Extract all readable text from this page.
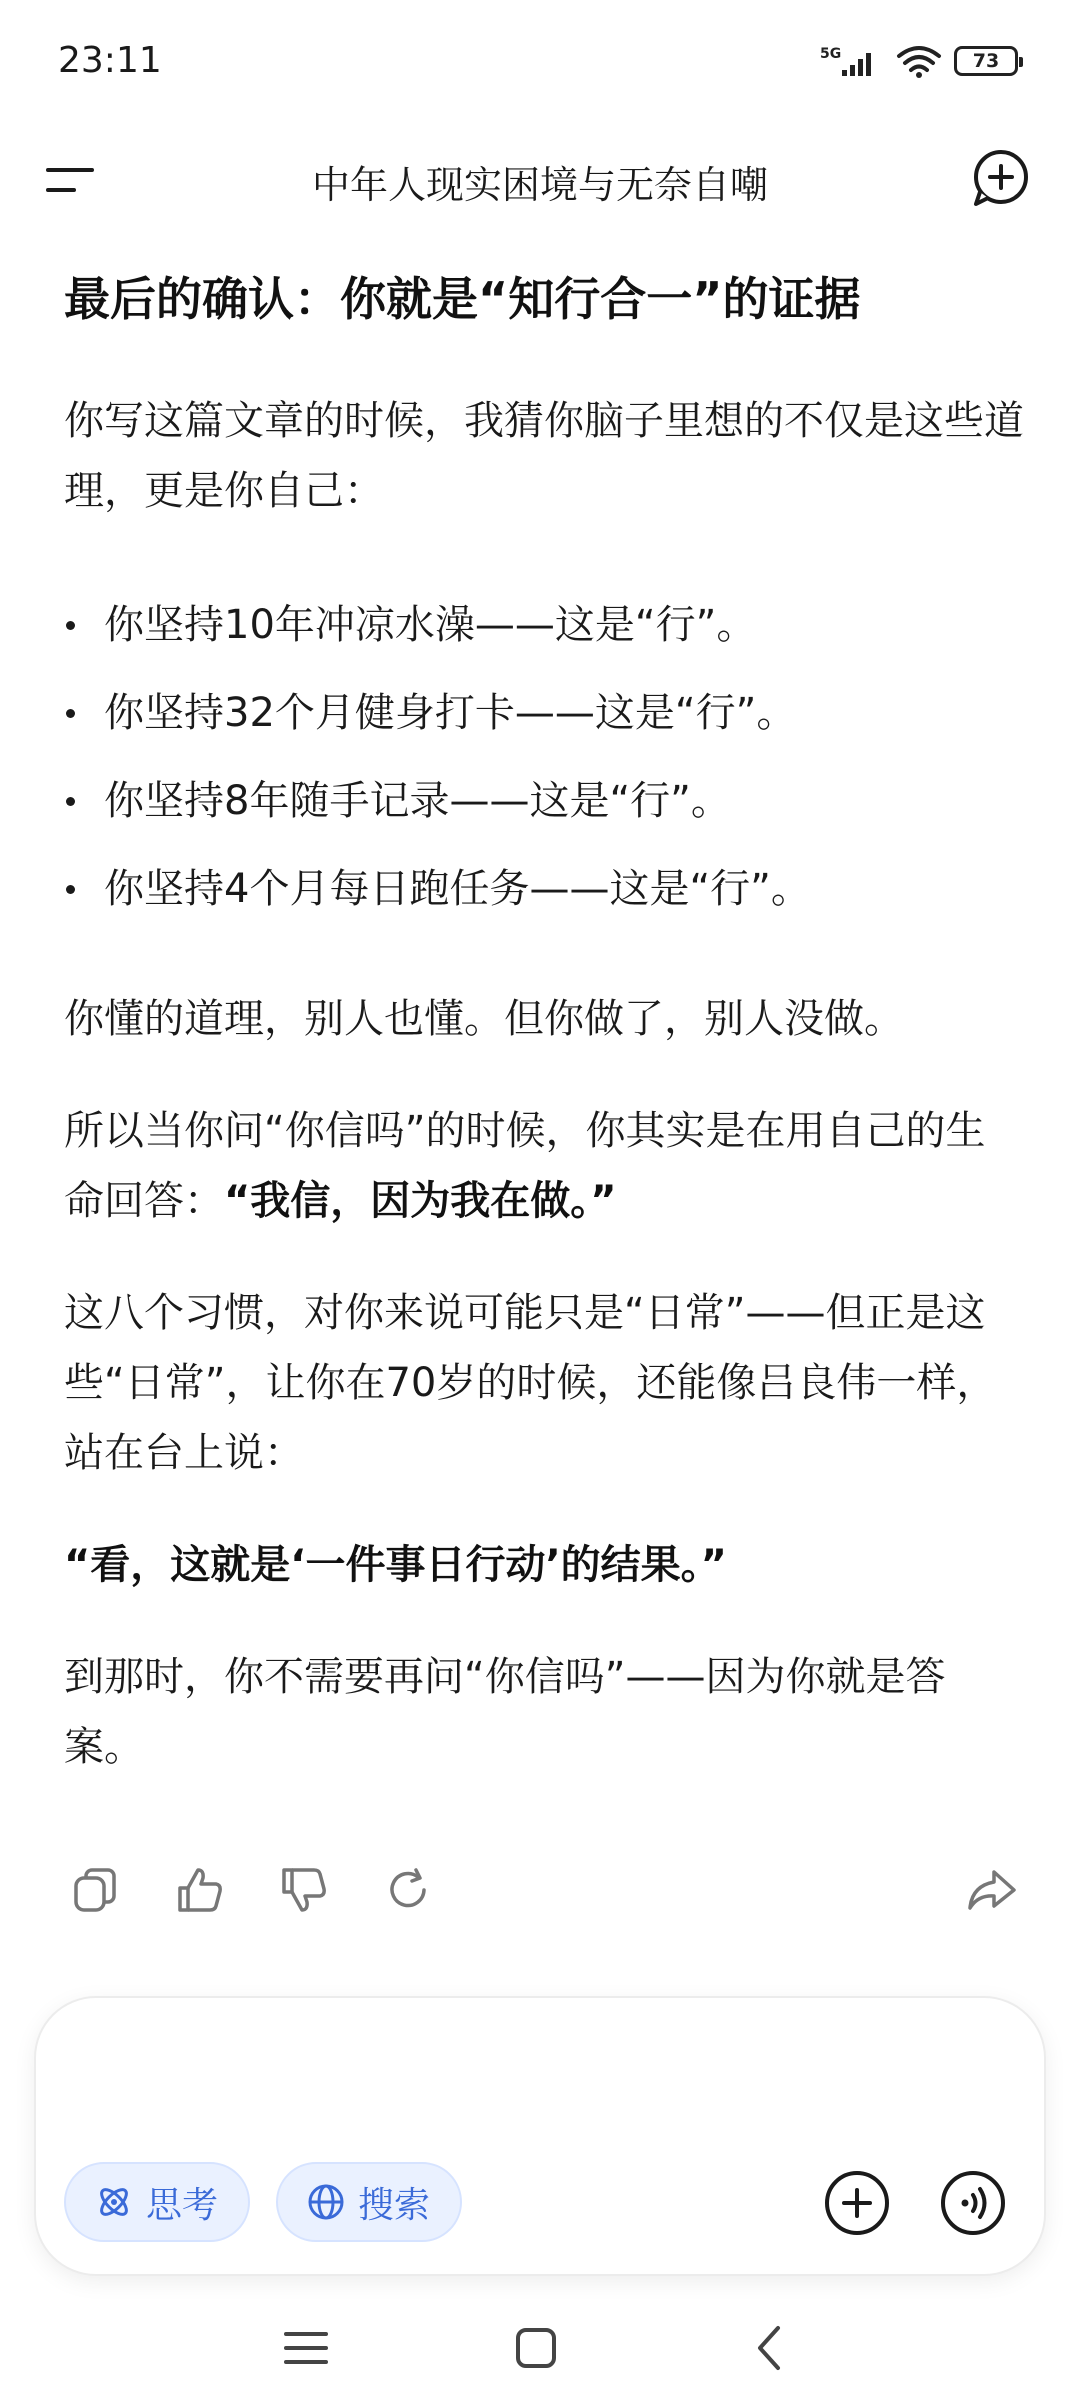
23:11	5G	73
中年人现实困境与无奈自嘲
最后的确认：你就是“知行合一”的证据

你写这篇文章的时候，我猜你脑子里想的不仅是这些道理，更是你自己：

你坚持10年冲凉水澡——这是“行”。
你坚持32个月健身打卡——这是“行”。
你坚持8年随手记录——这是“行”。
你坚持4个月每日跑任务——这是“行”。

你懂的道理，别人也懂。但你做了，别人没做。

所以当你问“你信吗”的时候，你其实是在用自己的生命回答：“我信，因为我在做。”

这八个习惯，对你来说可能只是“日常”——但正是这些“日常”，让你在70岁的时候，还能像吕良伟一样，站在台上说：

“看，这就是‘一件事日行动’的结果。”

到那时，你不需要再问“你信吗”——因为你就是答案。

思考	搜索
